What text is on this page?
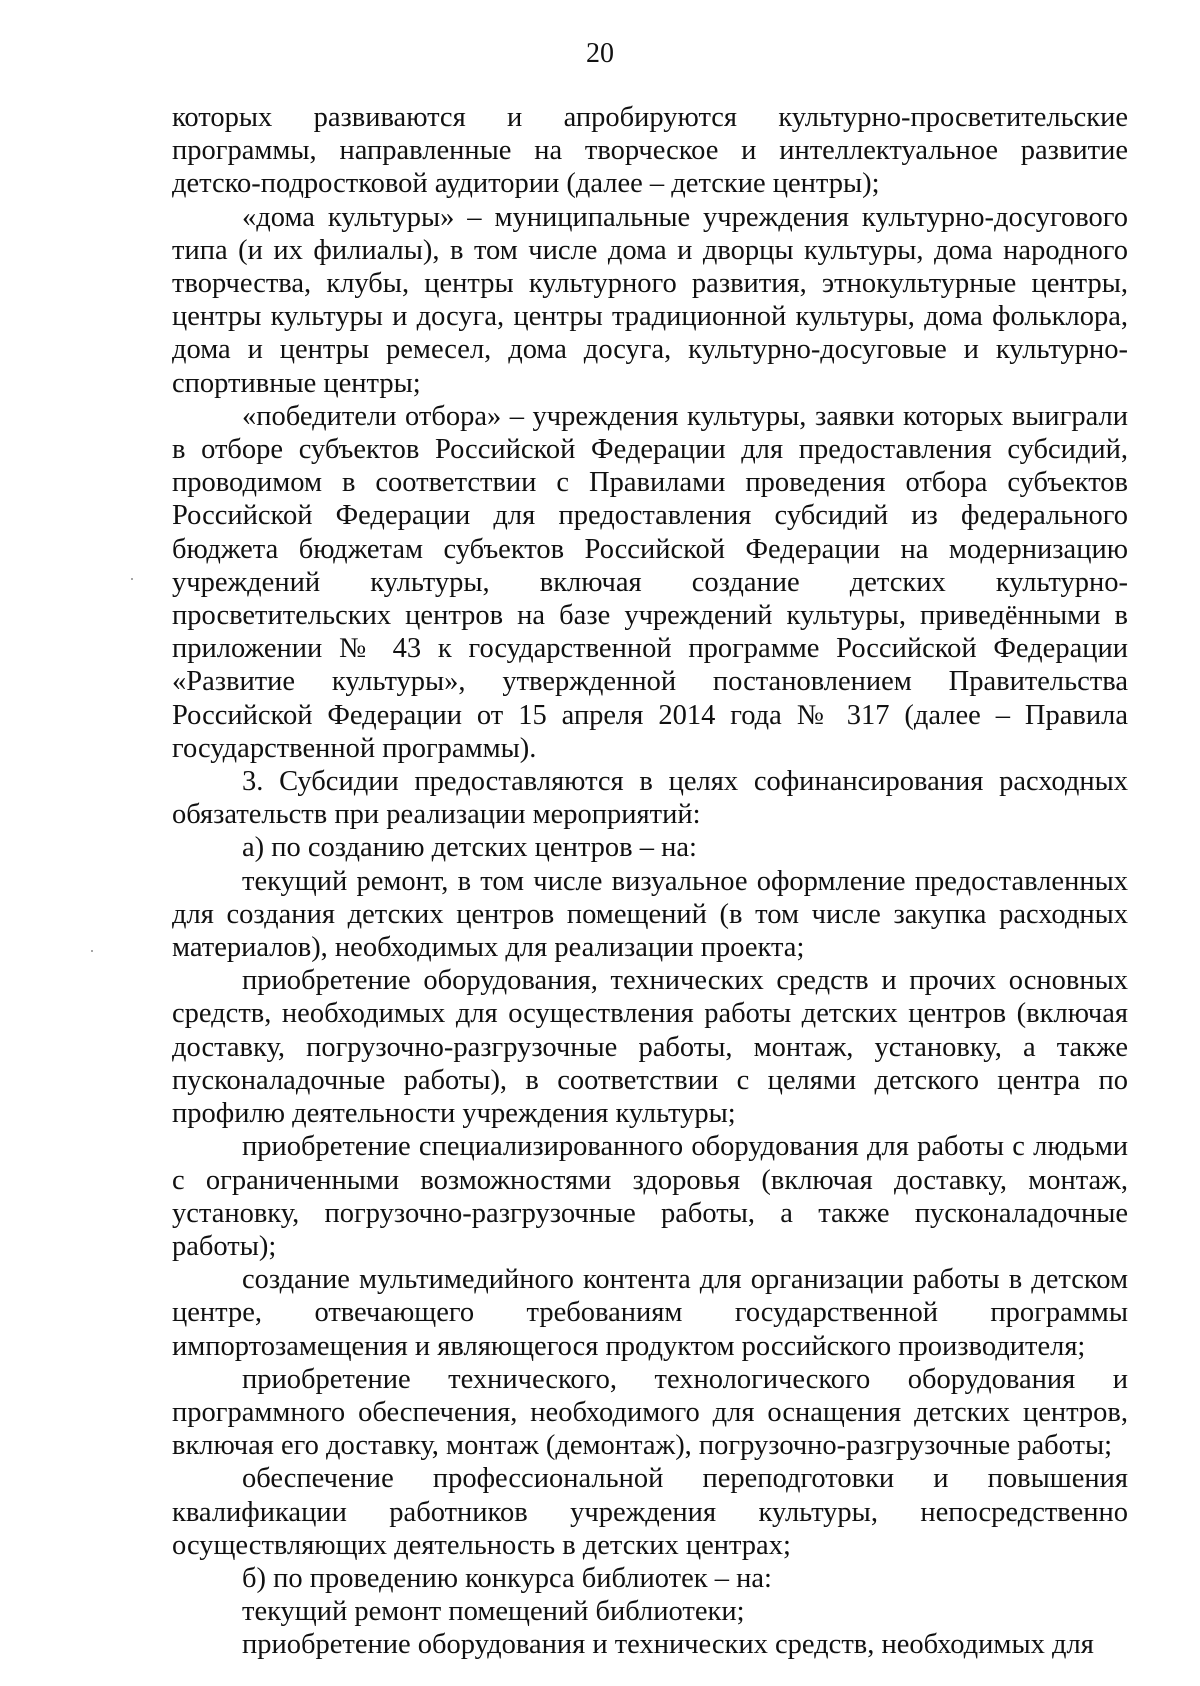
20

которых развиваются и апробируются культурно-просветительские программы, направленные на творческое и интеллектуальное развитие детско-подростковой аудитории (далее – детские центры);

«дома культуры» – муниципальные учреждения культурно-досугового типа (и их филиалы), в том числе дома и дворцы культуры, дома народного творчества, клубы, центры культурного развития, этнокультурные центры, центры культуры и досуга, центры традиционной культуры, дома фольклора, дома и центры ремесел, дома досуга, культурно-досуговые и культурно-спортивные центры;

«победители отбора» – учреждения культуры, заявки которых выиграли в отборе субъектов Российской Федерации для предоставления субсидий, проводимом в соответствии с Правилами проведения отбора субъектов Российской Федерации для предоставления субсидий из федерального бюджета бюджетам субъектов Российской Федерации на модернизацию учреждений культуры, включая создание детских культурно-просветительских центров на базе учреждений культуры, приведёнными в приложении № 43 к государственной программе Российской Федерации «Развитие культуры», утвержденной постановлением Правительства Российской Федерации от 15 апреля 2014 года № 317 (далее – Правила государственной программы).

3. Субсидии предоставляются в целях софинансирования расходных обязательств при реализации мероприятий:

а) по созданию детских центров – на:

текущий ремонт, в том числе визуальное оформление предоставленных для создания детских центров помещений (в том числе закупка расходных материалов), необходимых для реализации проекта;

приобретение оборудования, технических средств и прочих основных средств, необходимых для осуществления работы детских центров (включая доставку, погрузочно-разгрузочные работы, монтаж, установку, а также пусконаладочные работы), в соответствии с целями детского центра по профилю деятельности учреждения культуры;

приобретение специализированного оборудования для работы с людьми с ограниченными возможностями здоровья (включая доставку, монтаж, установку, погрузочно-разгрузочные работы, а также пусконаладочные работы);

создание мультимедийного контента для организации работы в детском центре, отвечающего требованиям государственной программы импортозамещения и являющегося продуктом российского производителя;

приобретение технического, технологического оборудования и программного обеспечения, необходимого для оснащения детских центров, включая его доставку, монтаж (демонтаж), погрузочно-разгрузочные работы;

обеспечение профессиональной переподготовки и повышения квалификации работников учреждения культуры, непосредственно осуществляющих деятельность в детских центрах;

б) по проведению конкурса библиотек – на:

текущий ремонт помещений библиотеки;

приобретение оборудования и технических средств, необходимых для
